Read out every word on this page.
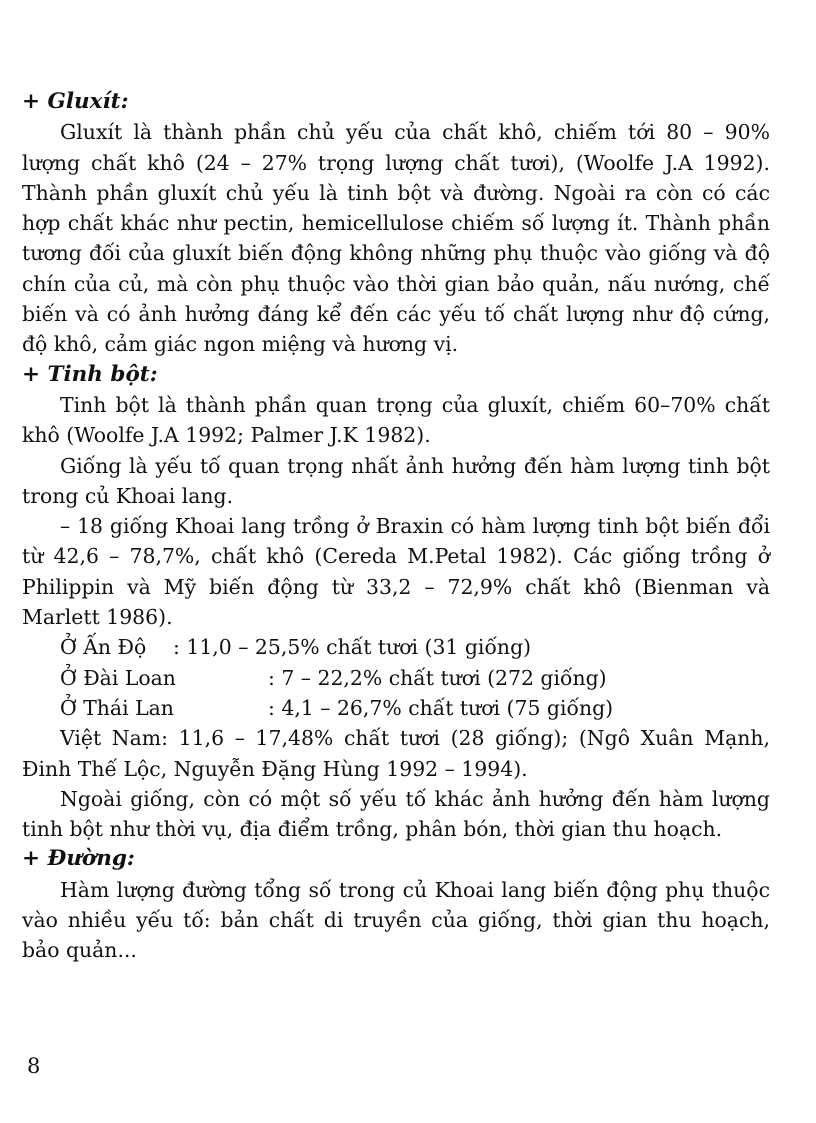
+ Gluxít:

Gluxít là thành phần chủ yếu của chất khô, chiếm tới 80 – 90% lượng chất khô (24 – 27% trọng lượng chất tươi), (Woolfe J.A 1992). Thành phần gluxít chủ yếu là tinh bột và đường. Ngoài ra còn có các hợp chất khác như pectin, hemicellulose chiếm số lượng ít. Thành phần tương đối của gluxít biến động không những phụ thuộc vào giống và độ chín của củ, mà còn phụ thuộc vào thời gian bảo quản, nấu nướng, chế biến và có ảnh hưởng đáng kể đến các yếu tố chất lượng như độ cứng, độ khô, cảm giác ngon miệng và hương vị.

+ Tinh bột:

Tinh bột là thành phần quan trọng của gluxít, chiếm 60–70% chất khô (Woolfe J.A 1992; Palmer J.K 1982).

Giống là yếu tố quan trọng nhất ảnh hưởng đến hàm lượng tinh bột trong củ Khoai lang.

– 18 giống Khoai lang trồng ở Braxin có hàm lượng tinh bột biến đổi từ 42,6 – 78,7%, chất khô (Cereda M.Petal 1982). Các giống trồng ở Philippin và Mỹ biến động từ 33,2 – 72,9% chất khô (Bienman và Marlett 1986).

Ở Ấn Độ : 11,0 – 25,5% chất tươi (31 giống)

Ở Đài Loan	: 7 – 22,2% chất tươi (272 giống)

Ở Thái Lan	: 4,1 – 26,7% chất tươi (75 giống)

Việt Nam: 11,6 – 17,48% chất tươi (28 giống); (Ngô Xuân Mạnh, Đinh Thế Lộc, Nguyễn Đặng Hùng 1992 – 1994).

Ngoài giống, còn có một số yếu tố khác ảnh hưởng đến hàm lượng tinh bột như thời vụ, địa điểm trồng, phân bón, thời gian thu hoạch.

+ Đường:

Hàm lượng đường tổng số trong củ Khoai lang biến động phụ thuộc vào nhiều yếu tố: bản chất di truyền của giống, thời gian thu hoạch, bảo quản...

8
